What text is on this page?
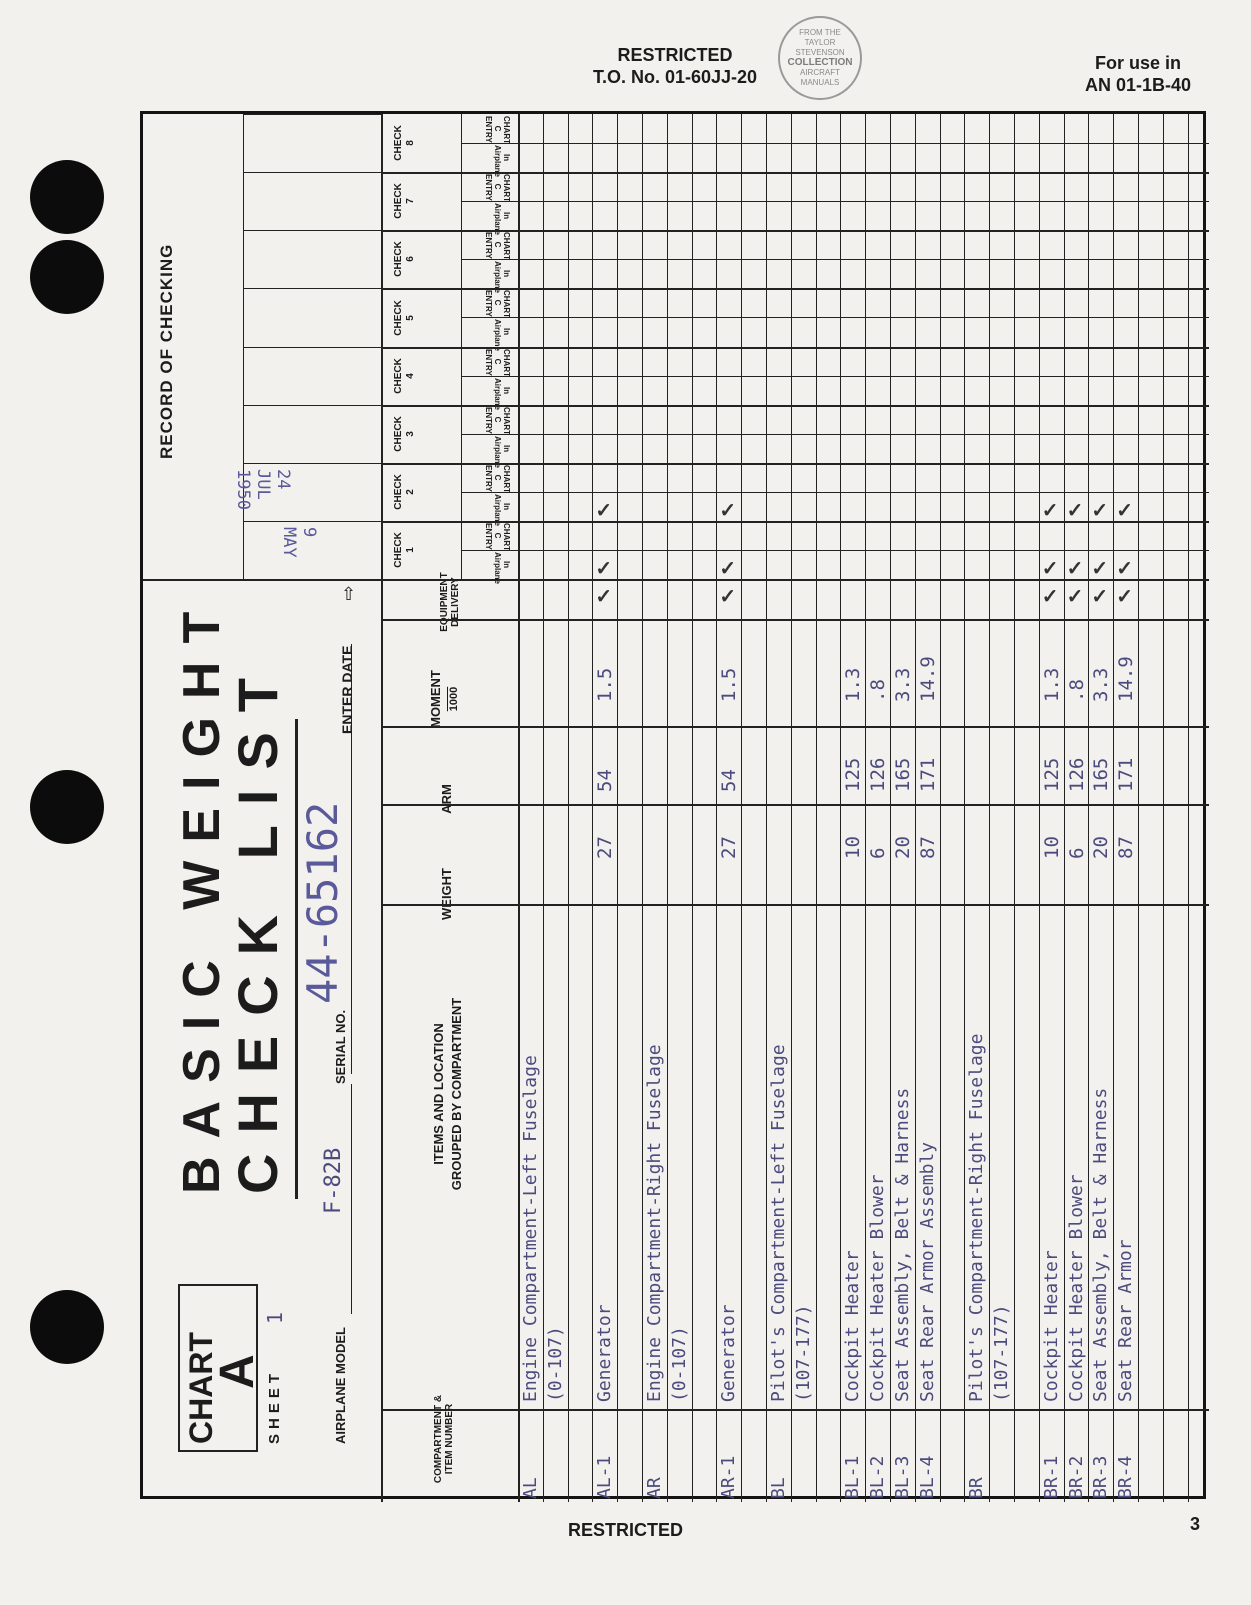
RESTRICTED
T.O. No. 01-60JJ-20
For use in
AN 01-1B-40
FROM THE
TAYLOR
STEVENSON
COLLECTION
AIRCRAFT
MANUALS
CHART
A SHEET
1
BASIC WEIGHT
CHECK LIST
AIRPLANE MODEL
F-82B
SERIAL NO.
44-65162
ENTER DATE
⇧
RECORD OF CHECKING
9 MAY
24 JUL 1950
COMPARTMENT & ITEM NUMBER
ITEMS AND LOCATION GROUPED BY COMPARTMENT
WEIGHT
ARM
MOMENT 1000
EQUIPMENT DELIVERY
CHECK 1
In Airplane
CHART C ENTRY
CHECK 2
In Airplane
CHART C ENTRY
CHECK 3
In Airplane
CHART C ENTRY
CHECK 4
In Airplane
CHART C ENTRY
CHECK 5
In Airplane
CHART C ENTRY
CHECK 6
In Airplane
CHART C ENTRY
CHECK 7
In Airplane
CHART C ENTRY
CHECK 8
In Airplane
CHART C ENTRY
AL
Engine Compartment-Left Fuselage (0-107)
AL-1
Generator
27
54
1.5
✓
✓
✓
AR
Engine Compartment-Right Fuselage (0-107)
AR-1
Generator
27
54
1.5
✓
✓
✓
BL
Pilot's Compartment-Left Fuselage (107-177)
BL-1
Cockpit Heater
10
125
1.3
BL-2
Cockpit Heater Blower
6
126
.8
BL-3
Seat Assembly, Belt & Harness
20
165
3.3
BL-4
Seat Rear Armor Assembly
87
171
14.9
BR
Pilot's Compartment-Right Fuselage (107-177)
BR-1
Cockpit Heater
10
125
1.3
✓
✓
✓
BR-2
Cockpit Heater Blower
6
126
.8
✓
✓
✓
BR-3
Seat Assembly, Belt & Harness
20
165
3.3
✓
✓
✓
BR-4
Seat Rear Armor
87
171
14.9
✓
✓
✓
RESTRICTED	3
